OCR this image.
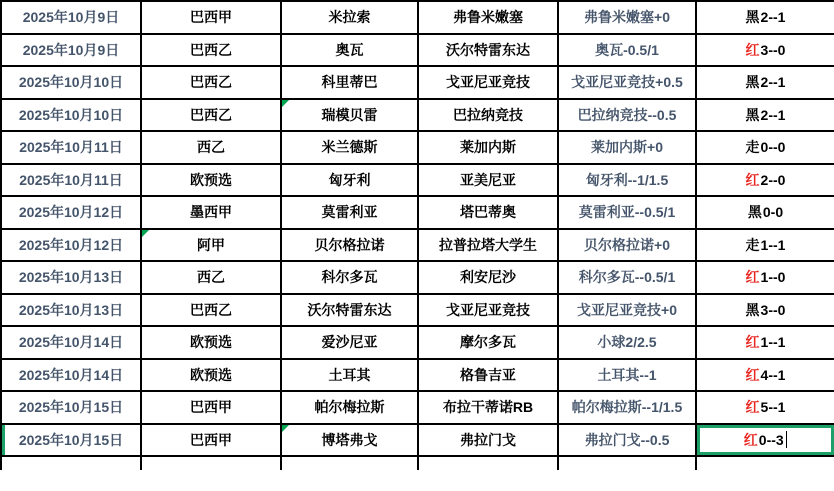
2025年10月9日	巴西甲	米拉索	弗鲁米嫩塞	弗鲁米嫩塞+0	黑 2--1
2025年10月9日	巴西乙	奥瓦	沃尔特雷东达	奥瓦-0.5/1	红 3--0
2025年10月10日	巴西乙	科里蒂巴	戈亚尼亚竞技	戈亚尼亚竞技+0.5	黑 2--1
2025年10月10日	巴西乙	瑞模贝雷	巴拉纳竞技	巴拉纳竞技--0.5	黑 2--1
2025年10月11日	西乙	米兰德斯	莱加内斯	莱加内斯+0	走 0--0
2025年10月11日	欧预选	匈牙利	亚美尼亚	匈牙利--1/1.5	红 2--0
2025年10月12日	墨西甲	莫雷利亚	塔巴蒂奥	莫雷利亚--0.5/1	黑 0-0
2025年10月12日	阿甲	贝尔格拉诺	拉普拉塔大学生	贝尔格拉诺+0	走 1--1
2025年10月13日	西乙	科尔多瓦	利安尼沙	科尔多瓦--0.5/1	红 1--0
2025年10月13日	巴西乙	沃尔特雷东达	戈亚尼亚竞技	戈亚尼亚竞技+0	黑 3--0
2025年10月14日	欧预选	爱沙尼亚	摩尔多瓦	小球2/2.5	红 1--1
2025年10月14日	欧预选	土耳其	格鲁吉亚	土耳其--1	红 4--1
2025年10月15日	巴西甲	帕尔梅拉斯	布拉干蒂诺RB	帕尔梅拉斯--1/1.5	红 5--1
2025年10月15日	巴西甲	博塔弗戈	弗拉门戈	弗拉门戈--0.5	红 0--3
